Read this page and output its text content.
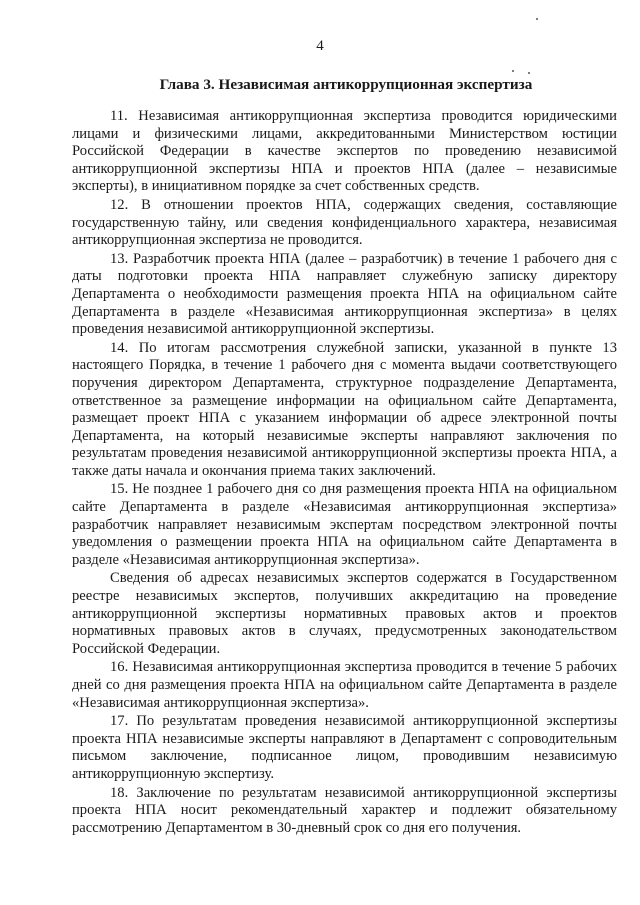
4
Глава 3. Независимая антикоррупционная экспертиза

11. Независимая антикоррупционная экспертиза проводится юридическими лицами и физическими лицами, аккредитованными Министерством юстиции Российской Федерации в качестве экспертов по проведению независимой антикоррупционной экспертизы НПА и проектов НПА (далее – независимые эксперты), в инициативном порядке за счет собственных средств.

12. В отношении проектов НПА, содержащих сведения, составляющие государственную тайну, или сведения конфиденциального характера, независимая антикоррупционная экспертиза не проводится.

13. Разработчик проекта НПА (далее – разработчик) в течение 1 рабочего дня с даты подготовки проекта НПА направляет служебную записку директору Департамента о необходимости размещения проекта НПА на официальном сайте Департамента в разделе «Независимая антикоррупционная экспертиза» в целях проведения независимой антикоррупционной экспертизы.

14. По итогам рассмотрения служебной записки, указанной в пункте 13 настоящего Порядка, в течение 1 рабочего дня с момента выдачи соответствующего поручения директором Департамента, структурное подразделение Департамента, ответственное за размещение информации на официальном сайте Департамента, размещает проект НПА с указанием информации об адресе электронной почты Департамента, на который независимые эксперты направляют заключения по результатам проведения независимой антикоррупционной экспертизы проекта НПА, а также даты начала и окончания приема таких заключений.

15. Не позднее 1 рабочего дня со дня размещения проекта НПА на официальном сайте Департамента в разделе «Независимая антикоррупционная экспертиза» разработчик направляет независимым экспертам посредством электронной почты уведомления о размещении проекта НПА на официальном сайте Департамента в разделе «Независимая антикоррупционная экспертиза».

Сведения об адресах независимых экспертов содержатся в Государственном реестре независимых экспертов, получивших аккредитацию на проведение антикоррупционной экспертизы нормативных правовых актов и проектов нормативных правовых актов в случаях, предусмотренных законодательством Российской Федерации.

16. Независимая антикоррупционная экспертиза проводится в течение 5 рабочих дней со дня размещения проекта НПА на официальном сайте Департамента в разделе «Независимая антикоррупционная экспертиза».

17. По результатам проведения независимой антикоррупционной экспертизы проекта НПА независимые эксперты направляют в Департамент с сопроводительным письмом заключение, подписанное лицом, проводившим независимую антикоррупционную экспертизу.

18. Заключение по результатам независимой антикоррупционной экспертизы проекта НПА носит рекомендательный характер и подлежит обязательному рассмотрению Департаментом в 30-дневный срок со дня его получения.
